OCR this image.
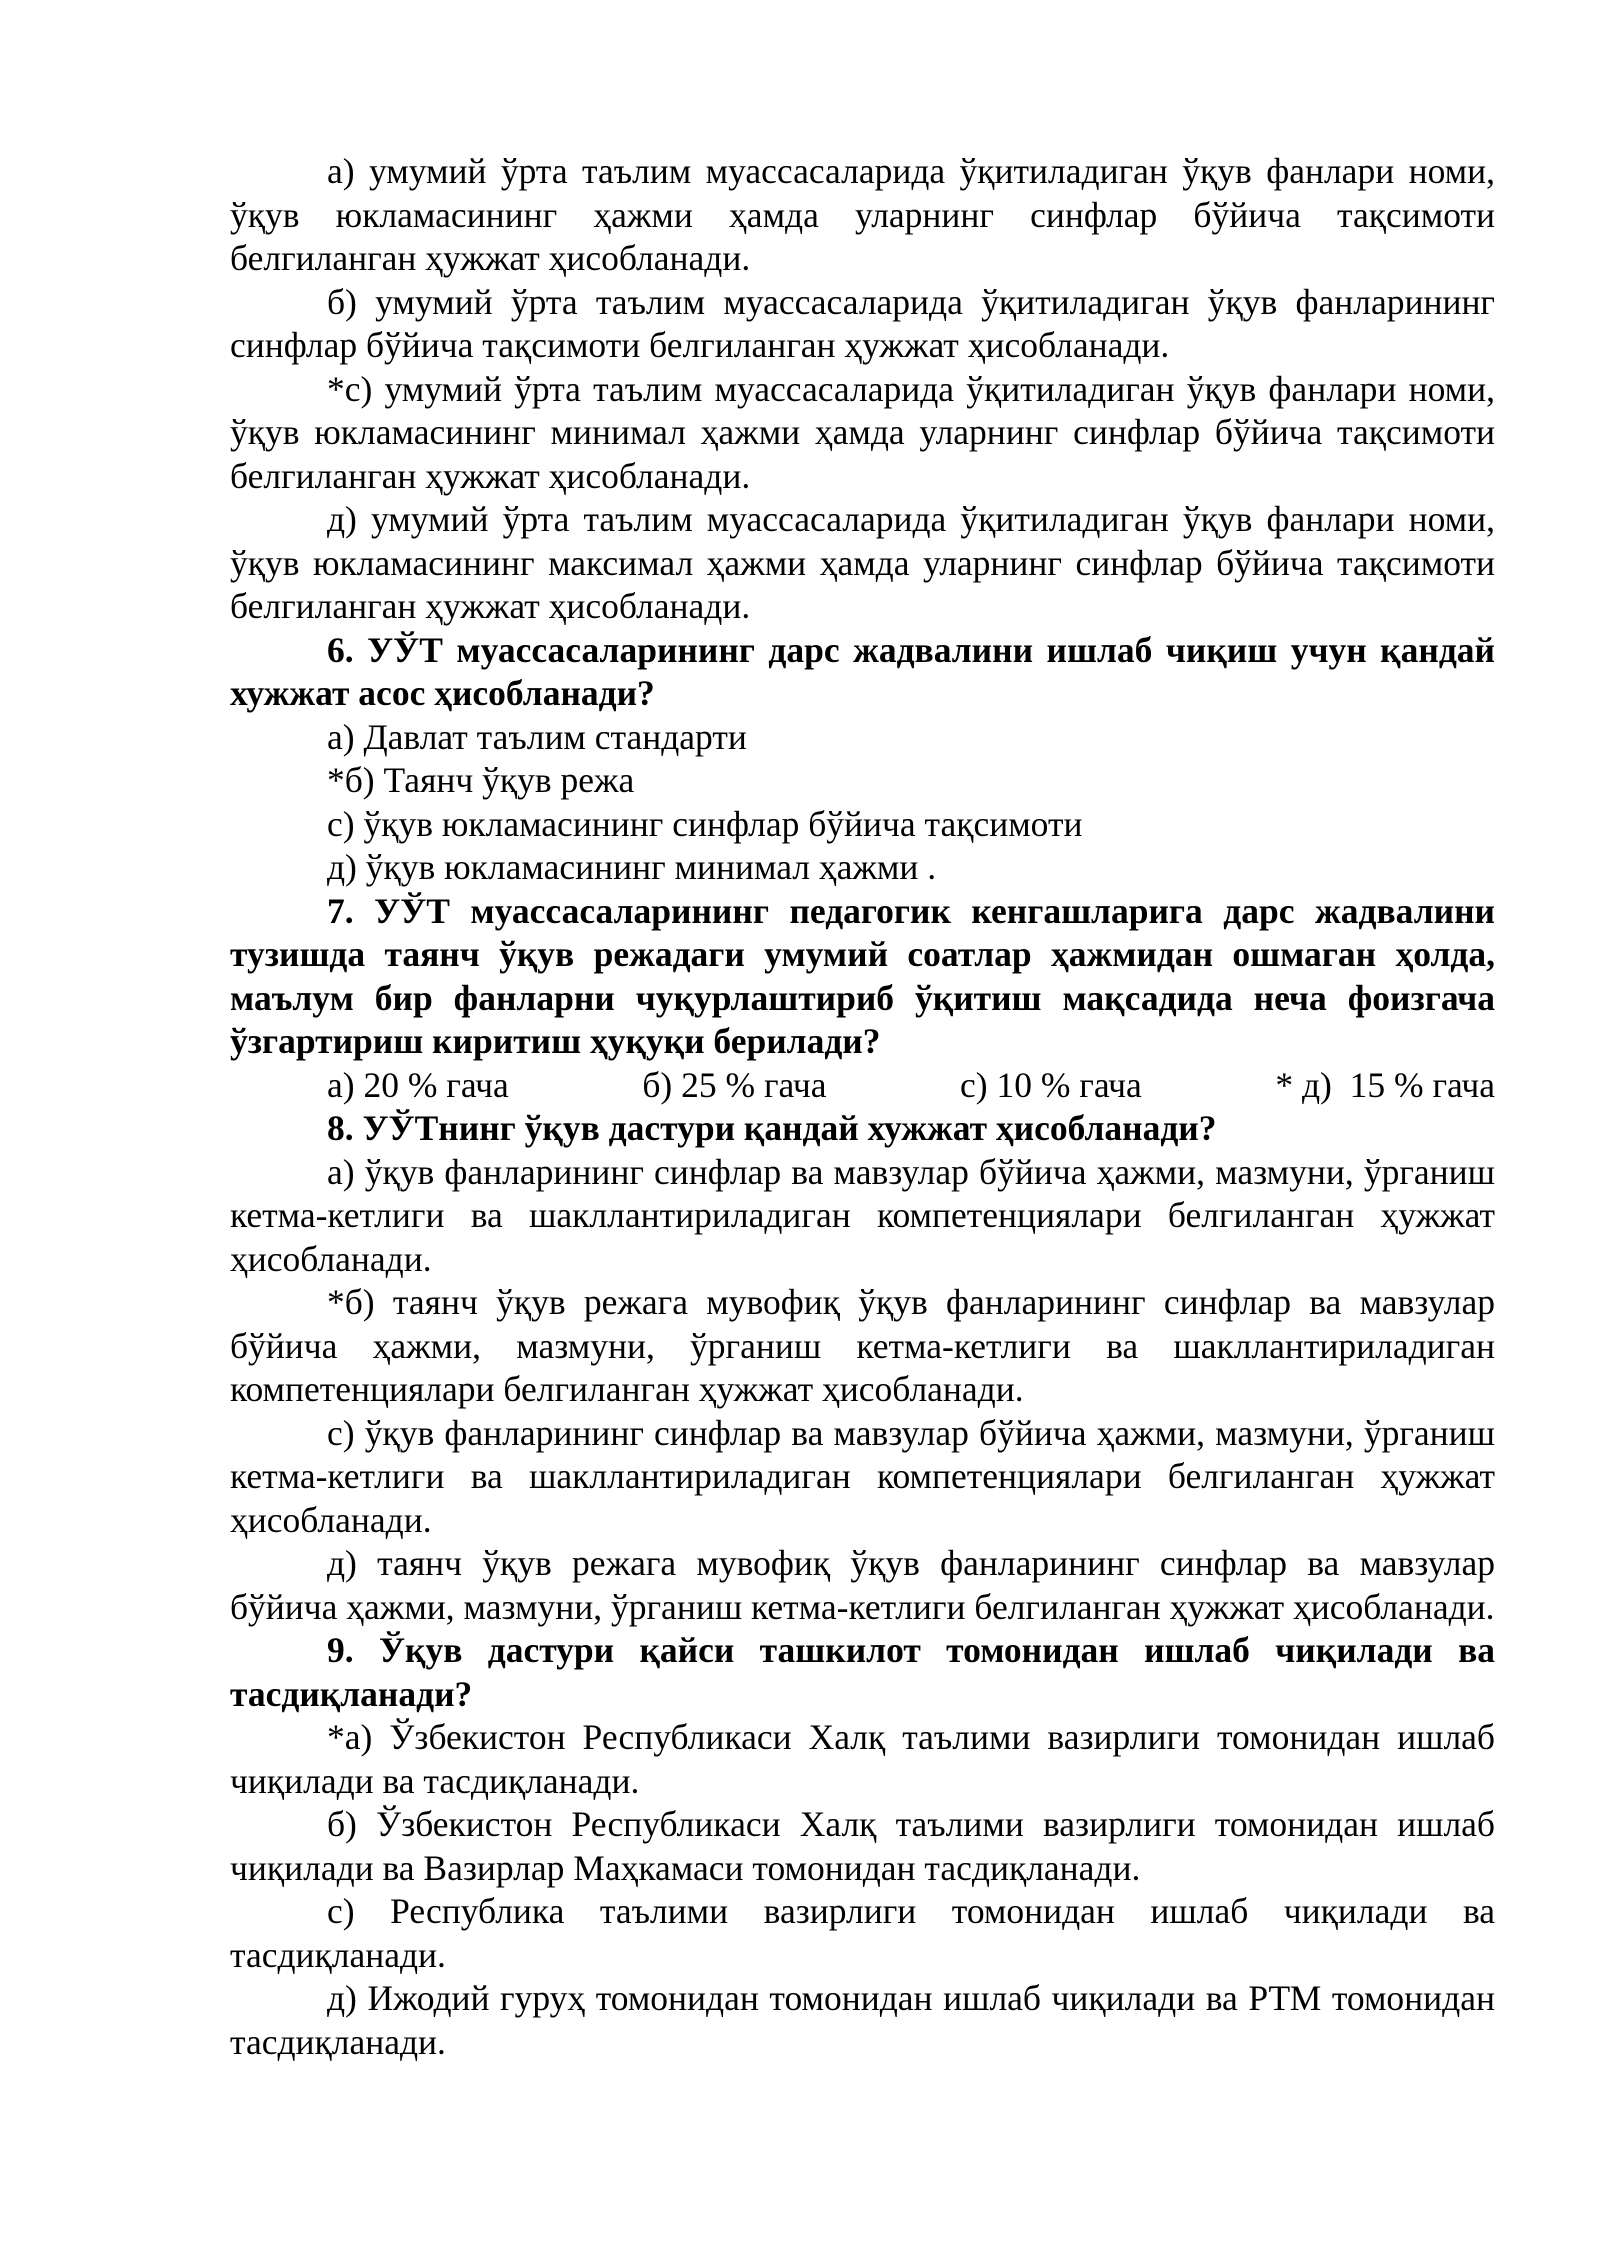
а) умумий ўрта таълим муассасаларида ўқитиладиган ўқув фанлари номи, ўқув юкламасининг ҳажми ҳамда уларнинг синфлар бўйича тақсимоти белгиланган ҳужжат ҳисобланади.

б) умумий ўрта таълим муассасаларида ўқитиладиган ўқув фанларининг синфлар бўйича тақсимоти белгиланган ҳужжат ҳисобланади.

*с) умумий ўрта таълим муассасаларида ўқитиладиган ўқув фанлари номи, ўқув юкламасининг минимал ҳажми ҳамда уларнинг синфлар бўйича тақсимоти белгиланган ҳужжат ҳисобланади.

д) умумий ўрта таълим муассасаларида ўқитиладиган ўқув фанлари номи, ўқув юкламасининг максимал ҳажми ҳамда уларнинг синфлар бўйича тақсимоти белгиланган ҳужжат ҳисобланади.

6. УЎТ муассасаларининг дарс жадвалини ишлаб чиқиш учун қандай хужжат асос ҳисобланади?

а) Давлат таълим стандарти

*б) Таянч ўқув режа

с) ўқув юкламасининг синфлар бўйича тақсимоти

д) ўқув юкламасининг минимал ҳажми .

7. УЎТ муассасаларининг педагогик кенгашларига дарс жадвалини тузишда таянч ўқув режадаги умумий соатлар ҳажмидан ошмаган ҳолда, маълум бир фанларни чуқурлаштириб ўқитиш мақсадида неча фоизгача ўзгартириш киритиш ҳуқуқи берилади?

а) 20 % гача	б) 25 % гача	с) 10 % гача	* д)  15 % гача

8. УЎТнинг ўқув дастури қандай хужжат ҳисобланади?

а) ўқув фанларининг синфлар ва мавзулар бўйича ҳажми, мазмуни, ўрганиш кетма-кетлиги ва шакллантириладиган компетенциялари белгиланган ҳужжат ҳисобланади.

*б) таянч ўқув режага мувофиқ ўқув фанларининг синфлар ва мавзулар бўйича ҳажми, мазмуни, ўрганиш кетма-кетлиги ва шакллантириладиган компетенциялари белгиланган ҳужжат ҳисобланади.

с) ўқув фанларининг синфлар ва мавзулар бўйича ҳажми, мазмуни, ўрганиш кетма-кетлиги ва шакллантириладиган компетенциялари белгиланган ҳужжат ҳисобланади.

д) таянч ўқув режага мувофиқ ўқув фанларининг синфлар ва мавзулар бўйича ҳажми, мазмуни, ўрганиш кетма-кетлиги белгиланган ҳужжат ҳисобланади.

9. Ўқув дастури қайси ташкилот томонидан ишлаб чиқилади ва тасдиқланади?

*а) Ўзбекистон Республикаси Халқ таълими вазирлиги томонидан ишлаб чиқилади ва тасдиқланади.

б) Ўзбекистон Республикаси Халқ таълими вазирлиги томонидан ишлаб чиқилади ва Вазирлар Маҳкамаси томонидан тасдиқланади.

с) Республика таълими вазирлиги томонидан ишлаб чиқилади ва тасдиқланади.

д) Ижодий гуруҳ томонидан томонидан ишлаб чиқилади ва РТМ томонидан тасдиқланади.
